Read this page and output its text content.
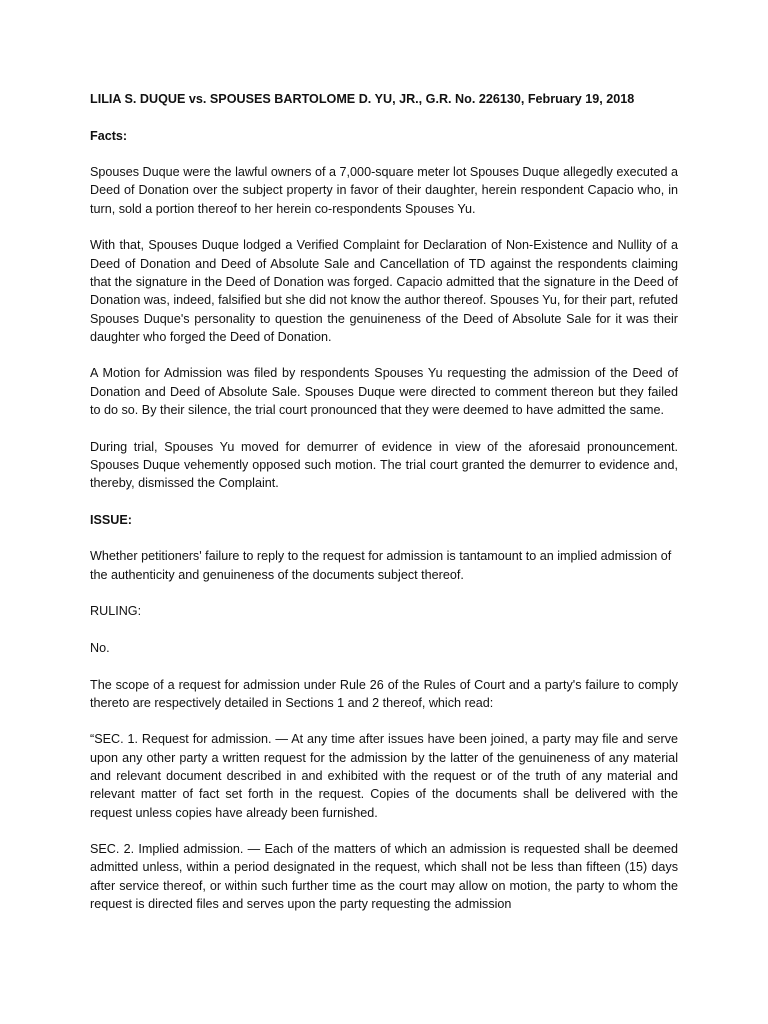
LILIA S. DUQUE vs. SPOUSES BARTOLOME D. YU, JR., G.R. No. 226130, February 19, 2018

Facts:

Spouses Duque were the lawful owners of a 7,000-square meter lot Spouses Duque allegedly executed a Deed of Donation over the subject property in favor of their daughter, herein respondent Capacio who, in turn, sold a portion thereof to her herein co-respondents Spouses Yu.

With that, Spouses Duque lodged a Verified Complaint for Declaration of Non-Existence and Nullity of a Deed of Donation and Deed of Absolute Sale and Cancellation of TD against the respondents claiming that the signature in the Deed of Donation was forged. Capacio admitted that the signature in the Deed of Donation was, indeed, falsified but she did not know the author thereof. Spouses Yu, for their part, refuted Spouses Duque's personality to question the genuineness of the Deed of Absolute Sale for it was their daughter who forged the Deed of Donation.

A Motion for Admission was filed by respondents Spouses Yu requesting the admission of the Deed of Donation and Deed of Absolute Sale. Spouses Duque were directed to comment thereon but they failed to do so. By their silence, the trial court pronounced that they were deemed to have admitted the same.

During trial, Spouses Yu moved for demurrer of evidence in view of the aforesaid pronouncement. Spouses Duque vehemently opposed such motion. The trial court granted the demurrer to evidence and, thereby, dismissed the Complaint.

ISSUE:

Whether petitioners' failure to reply to the request for admission is tantamount to an implied admission of the authenticity and genuineness of the documents subject thereof.

RULING:

No.

The scope of a request for admission under Rule 26 of the Rules of Court and a party's failure to comply thereto are respectively detailed in Sections 1 and 2 thereof, which read:

“SEC. 1. Request for admission. — At any time after issues have been joined, a party may file and serve upon any other party a written request for the admission by the latter of the genuineness of any material and relevant document described in and exhibited with the request or of the truth of any material and relevant matter of fact set forth in the request. Copies of the documents shall be delivered with the request unless copies have already been furnished.

SEC. 2. Implied admission. — Each of the matters of which an admission is requested shall be deemed admitted unless, within a period designated in the request, which shall not be less than fifteen (15) days after service thereof, or within such further time as the court may allow on motion, the party to whom the request is directed files and serves upon the party requesting the admission
